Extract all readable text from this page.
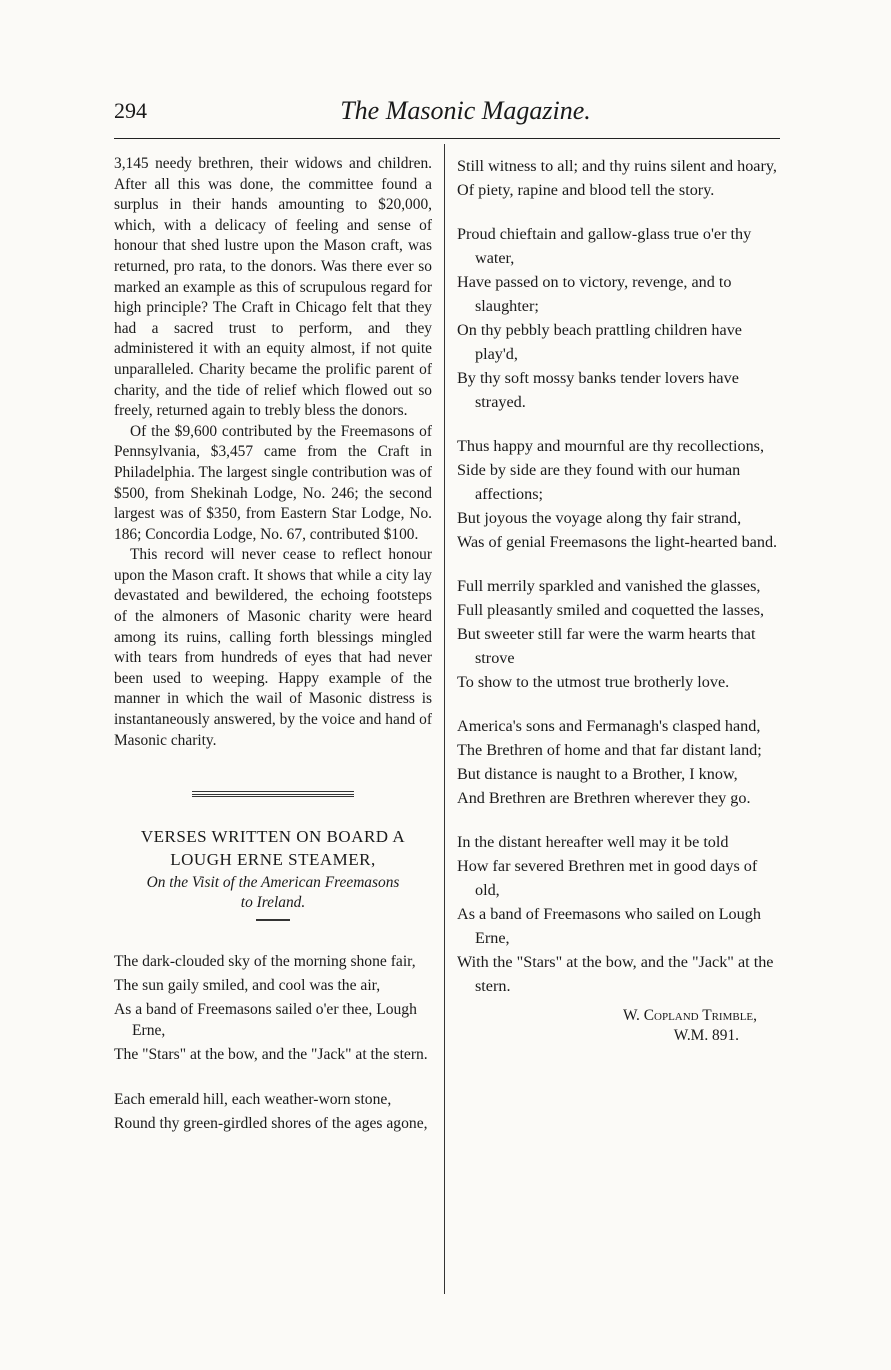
294	The Masonic Magazine.

3,145 needy brethren, their widows and children. After all this was done, the committee found a surplus in their hands amounting to $20,000, which, with a delicacy of feeling and sense of honour that shed lustre upon the Mason craft, was returned, pro rata, to the donors. Was there ever so marked an example as this of scrupulous regard for high principle? The Craft in Chicago felt that they had a sacred trust to perform, and they administered it with an equity almost, if not quite unparalleled. Charity became the prolific parent of charity, and the tide of relief which flowed out so freely, returned again to trebly bless the donors.

Of the $9,600 contributed by the Freemasons of Pennsylvania, $3,457 came from the Craft in Philadelphia. The largest single contribution was of $500, from Shekinah Lodge, No. 246; the second largest was of $350, from Eastern Star Lodge, No. 186; Concordia Lodge, No. 67, contributed $100.

This record will never cease to reflect honour upon the Mason craft. It shows that while a city lay devastated and bewildered, the echoing footsteps of the almoners of Masonic charity were heard among its ruins, calling forth blessings mingled with tears from hundreds of eyes that had never been used to weeping. Happy example of the manner in which the wail of Masonic distress is instantaneously answered, by the voice and hand of Masonic charity.

VERSES WRITTEN ON BOARD A
LOUGH ERNE STEAMER,
On the Visit of the American Freemasons
to Ireland.
The dark-clouded sky of the morning shone fair,
The sun gaily smiled, and cool was the air,
As a band of Freemasons sailed o'er thee, Lough Erne,
The "Stars" at the bow, and the "Jack" at the stern.
Each emerald hill, each weather-worn stone,
Round thy green-girdled shores of the ages agone,
Still witness to all; and thy ruins silent and hoary,
Of piety, rapine and blood tell the story.
Proud chieftain and gallow-glass true o'er thy water,
Have passed on to victory, revenge, and to slaughter;
On thy pebbly beach prattling children have play'd,
By thy soft mossy banks tender lovers have strayed.
Thus happy and mournful are thy recollections,
Side by side are they found with our human affections;
But joyous the voyage along thy fair strand,
Was of genial Freemasons the light-hearted band.
Full merrily sparkled and vanished the glasses,
Full pleasantly smiled and coquetted the lasses,
But sweeter still far were the warm hearts that strove
To show to the utmost true brotherly love.
America's sons and Fermanagh's clasped hand,
The Brethren of home and that far distant land;
But distance is naught to a Brother, I know,
And Brethren are Brethren wherever they go.
In the distant hereafter well may it be told
How far severed Brethren met in good days of old,
As a band of Freemasons who sailed on Lough Erne,
With the "Stars" at the bow, and the "Jack" at the stern.
W. Copland Trimble,
W.M. 891.
